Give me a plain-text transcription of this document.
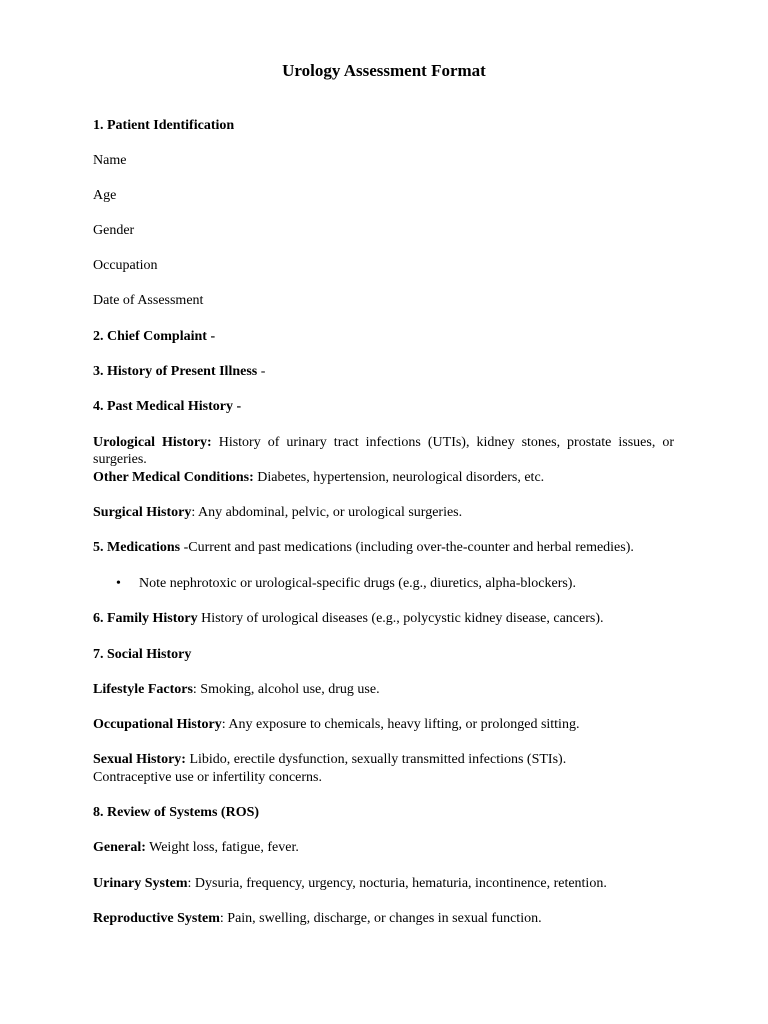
Urology Assessment Format

1. Patient Identification

Name

Age

Gender

Occupation

Date of Assessment

2. Chief Complaint -

3. History of Present Illness -

4. Past Medical History -

Urological History: History of urinary tract infections (UTIs), kidney stones, prostate issues, or

surgeries.

Other Medical Conditions: Diabetes, hypertension, neurological disorders, etc.

Surgical History: Any abdominal, pelvic, or urological surgeries.

5. Medications -Current and past medications (including over-the-counter and herbal remedies).

• Note nephrotoxic or urological-specific drugs (e.g., diuretics, alpha-blockers).

6. Family History History of urological diseases (e.g., polycystic kidney disease, cancers).

7. Social History

Lifestyle Factors: Smoking, alcohol use, drug use.

Occupational History: Any exposure to chemicals, heavy lifting, or prolonged sitting.

Sexual History: Libido, erectile dysfunction, sexually transmitted infections (STIs).

Contraceptive use or infertility concerns.

8. Review of Systems (ROS)

General: Weight loss, fatigue, fever.

Urinary System: Dysuria, frequency, urgency, nocturia, hematuria, incontinence, retention.

Reproductive System: Pain, swelling, discharge, or changes in sexual function.
